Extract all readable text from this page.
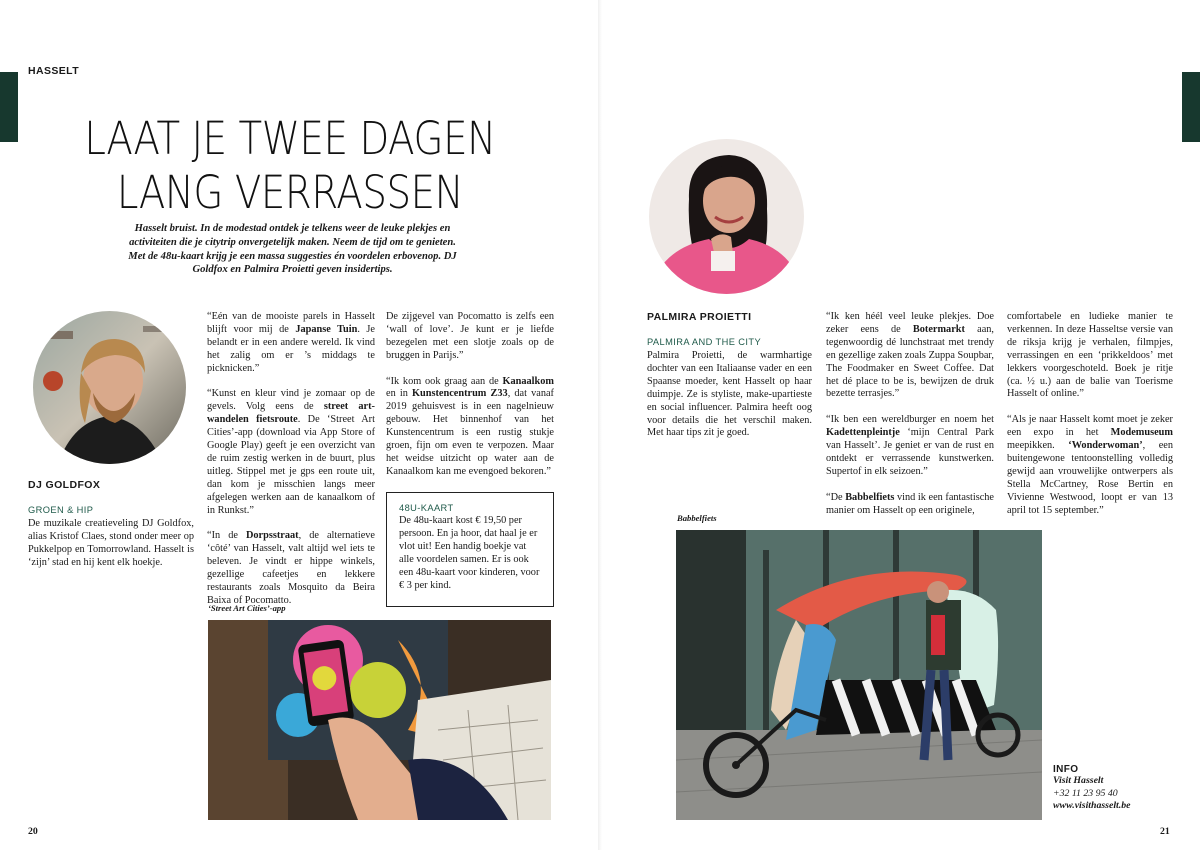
HASSELT
LAAT JE TWEE DAGEN
LANG VERRASSEN
Hasselt bruist. In de modestad ontdek je telkens weer de leuke plekjes en activiteiten die je citytrip onvergetelijk maken. Neem de tijd om te genieten. Met de 48u-kaart krijg je een massa suggesties én voordelen erbovenop. DJ Goldfox en Palmira Proietti geven insidertips.
DJ GOLDFOX
GROEN & HIP
De muzikale creatieveling DJ Goldfox, alias Kristof Claes, stond onder meer op Pukkelpop en Tomorrowland. Hasselt is ‘zijn’ stad en hij kent elk hoekje.

“Eén van de mooiste parels in Hasselt blijft voor mij de Japanse Tuin. Je belandt er in een andere wereld. Ik vind het zalig om er ’s middags te picknicken.”

“Kunst en kleur vind je zomaar op de gevels. Volg eens de street art-wandelen fietsroute. De ‘Street Art Cities’-app (download via App Store of Google Play) geeft je een overzicht van de ruim zestig werken in de buurt, plus uitleg. Stippel met je gps een route uit, dan kom je misschien langs meer afgelegen werken aan de kanaalkom of in Runkst.”

“In de Dorpsstraat, de alternatieve ‘côté’ van Hasselt, valt altijd wel iets te beleven. Je vindt er hippe winkels, gezellige cafeetjes en lekkere restaurants zoals Mosquito da Beira Baixa of Pocomatto.

De zijgevel van Pocomatto is zelfs een ‘wall of love’. Je kunt er je liefde bezegelen met een slotje zoals op de bruggen in Parijs.”

“Ik kom ook graag aan de Kanaalkom en in Kunstencentrum Z33, dat vanaf 2019 gehuisvest is in een nagelnieuw gebouw. Het binnenhof van het Kunstencentrum is een rustig stukje groen, fijn om even te verpozen. Maar het weidse uitzicht op water aan de Kanaalkom kan me evengoed bekoren.”

48U-KAART
De 48u-kaart kost € 19,50 per persoon. En ja hoor, dat haal je er vlot uit! Een handig boekje vat alle voordelen samen. Er is ook een 48u-kaart voor kinderen, voor € 3 per kind.
‘Street Art Cities’-app
20
PALMIRA PROIETTI
PALMIRA AND THE CITY
Palmira Proietti, de warmhartige dochter van een Italiaanse vader en een Spaanse moeder, kent Hasselt op haar duimpje. Ze is styliste, make-upartieste en social influencer. Palmira heeft oog voor details die het verschil maken. Met haar tips zit je goed.

“Ik ken héél veel leuke plekjes. Doe zeker eens de Botermarkt aan, tegenwoordig dé lunchstraat met trendy en gezellige zaken zoals Zuppa Soupbar, The Foodmaker en Sweet Coffee. Dat het dé place to be is, bewijzen de druk bezette terrasjes.”

“Ik ben een wereldburger en noem het Kadettenpleintje ‘mijn Central Park van Hasselt’. Je geniet er van de rust en ontdekt er verrassende kunstwerken. Supertof in elk seizoen.”

“De Babbelfiets vind ik een fantastische manier om Hasselt op een originele,

comfortabele en ludieke manier te verkennen. In deze Hasseltse versie van de riksja krijg je verhalen, filmpjes, verrassingen en een ‘prikkeldoos’ met lekkers voorgeschoteld. Boek je ritje (ca. ½ u.) aan de balie van Toerisme Hasselt of online.”

“Als je naar Hasselt komt moet je zeker een expo in het Modemuseum meepikken. ‘Wonderwoman’, een buitengewone tentoonstelling volledig gewijd aan vrouwelijke ontwerpers als Stella McCartney, Rose Bertin en Vivienne Westwood, loopt er van 13 april tot 15 september.”

Babbelfiets
INFO
Visit Hasselt
+32 11 23 95 40
www.visithasselt.be
21
